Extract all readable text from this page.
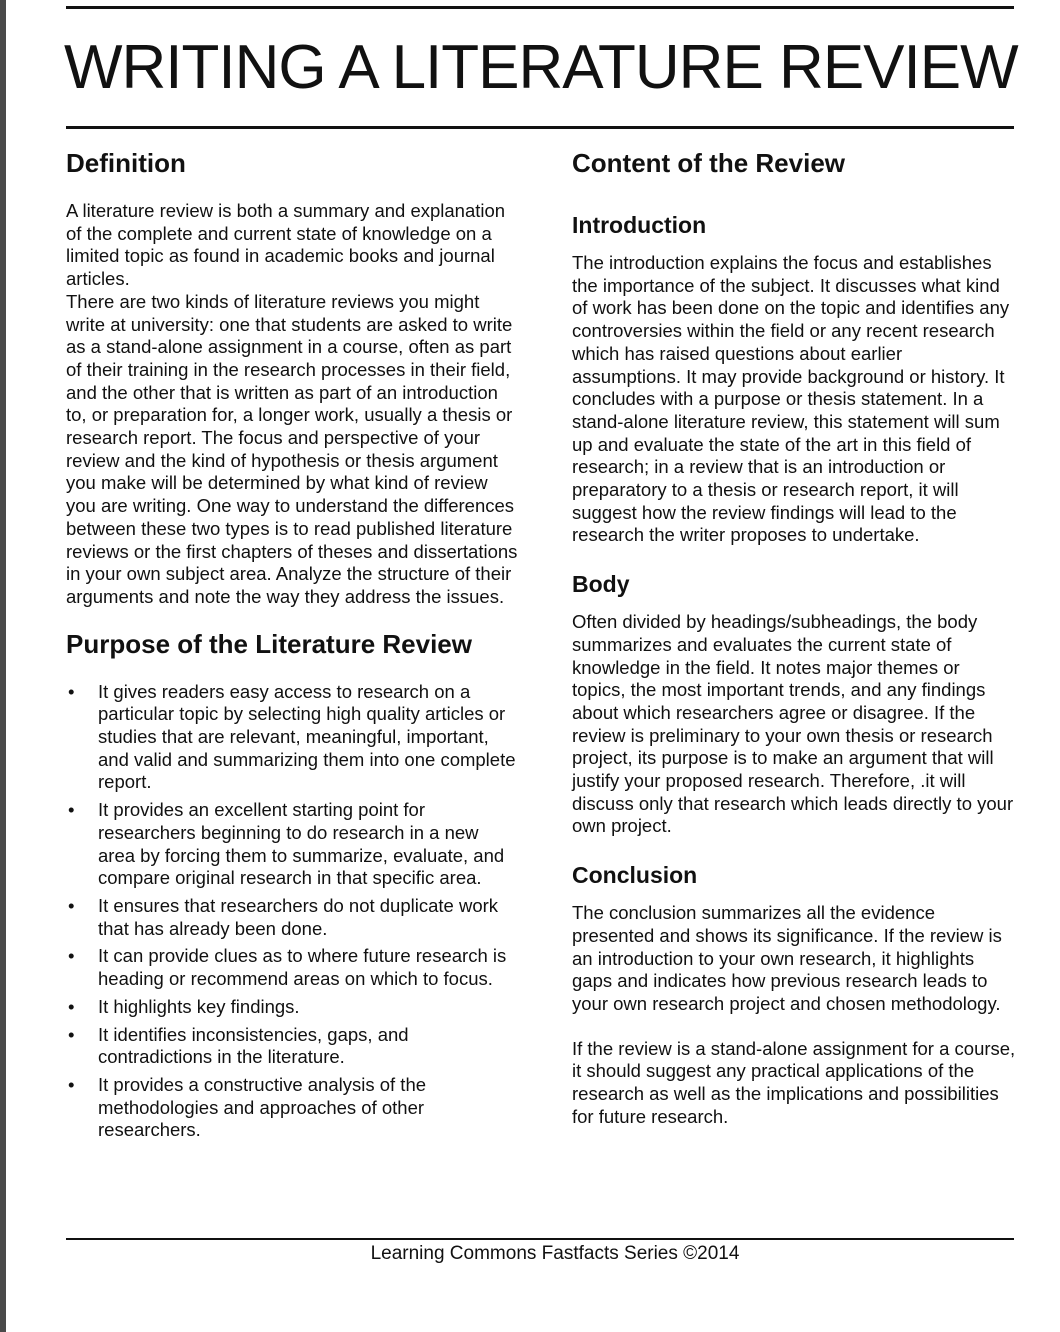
WRITING A LITERATURE REVIEW
Definition

A literature review is both a summary and explanation of the complete and current state of knowledge on a limited topic as found in academic books and journal articles.

There are two kinds of literature reviews you might write at university: one that students are asked to write as a stand-alone assignment in a course, often as part of their training in the research processes in their field, and the other that is written as part of an introduction to, or preparation for, a longer work, usually a thesis or research report. The focus and perspective of your review and the kind of hypothesis or thesis argument you make will be determined by what kind of review you are writing. One way to understand the differences between these two types is to read published literature reviews or the first chapters of theses and dissertations in your own subject area. Analyze the structure of their arguments and note the way they address the issues.

Purpose of the Literature Review
• It gives readers easy access to research on a particular topic by selecting high quality articles or studies that are relevant, meaningful, important, and valid and summarizing them into one complete report.
• It provides an excellent starting point for researchers beginning to do research in a new area by forcing them to summarize, evaluate, and compare original research in that specific area.
• It ensures that researchers do not duplicate work that has already been done.
• It can provide clues as to where future research is heading or recommend areas on which to focus.
• It highlights key findings.
• It identifies inconsistencies, gaps, and contradictions in the literature.
• It provides a constructive analysis of the methodologies and approaches of other researchers.
Content of the Review
Introduction

The introduction explains the focus and establishes the importance of the subject. It discusses what kind of work has been done on the topic and identifies any controversies within the field or any recent research which has raised questions about earlier assumptions. It may provide background or history. It concludes with a purpose or thesis statement. In a stand-alone literature review, this statement will sum up and evaluate the state of the art in this field of research; in a review that is an introduction or preparatory to a thesis or research report, it will suggest how the review findings will lead to the research the writer proposes to undertake.

Body

Often divided by headings/subheadings, the body summarizes and evaluates the current state of knowledge in the field. It notes major themes or topics, the most important trends, and any findings about which researchers agree or disagree. If the review is preliminary to your own thesis or research project, its purpose is to make an argument that will justify your proposed research. Therefore, .it will discuss only that research which leads directly to your own project.

Conclusion

The conclusion summarizes all the evidence presented and shows its significance. If the review is an introduction to your own research, it highlights gaps and indicates how previous research leads to your own research project and chosen methodology.

If the review is a stand-alone assignment for a course, it should suggest any practical applications of the research as well as the implications and possibilities for future research.

Learning Commons Fastfacts Series ©2014
